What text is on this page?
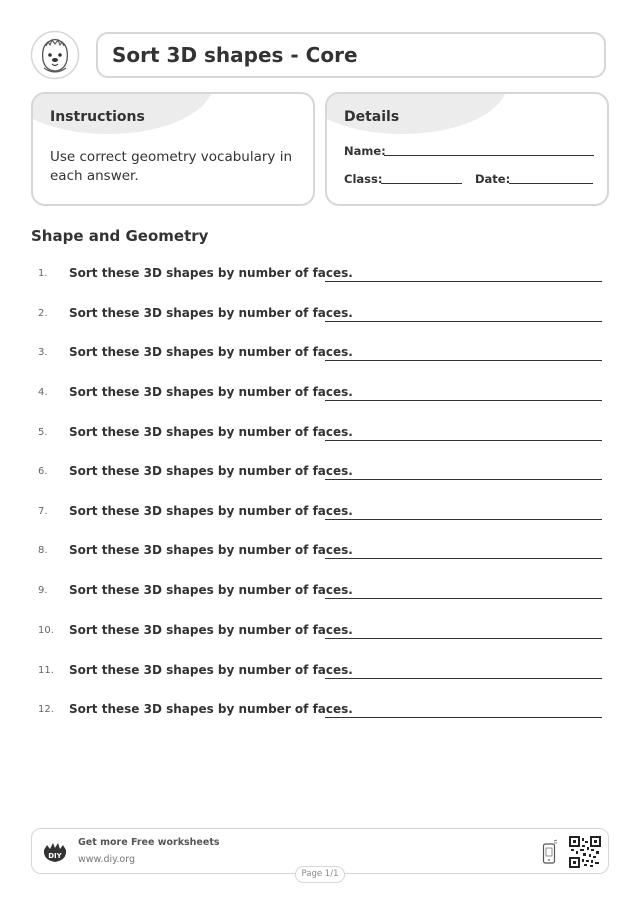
Sort 3D shapes - Core
Instructions

Use correct geometry vocabulary in each answer.

Details
Name:
Class:	Date:
Shape and Geometry
1. Sort these 3D shapes by number of faces.
2. Sort these 3D shapes by number of faces.
3. Sort these 3D shapes by number of faces.
4. Sort these 3D shapes by number of faces.
5. Sort these 3D shapes by number of faces.
6. Sort these 3D shapes by number of faces.
7. Sort these 3D shapes by number of faces.
8. Sort these 3D shapes by number of faces.
9. Sort these 3D shapes by number of faces.
10. Sort these 3D shapes by number of faces.
11. Sort these 3D shapes by number of faces.
12. Sort these 3D shapes by number of faces.
DIY
Get more Free worksheets
www.diy.org
Page 1/1
